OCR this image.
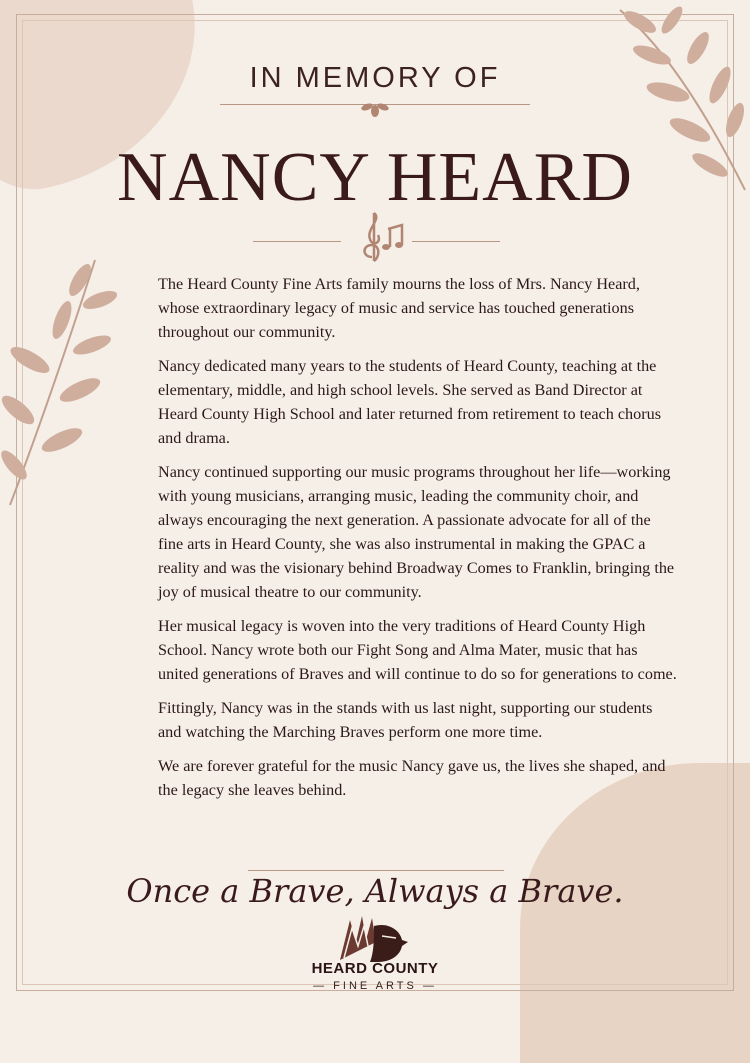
IN MEMORY OF
NANCY HEARD

The Heard County Fine Arts family mourns the loss of Mrs. Nancy Heard, whose extraordinary legacy of music and service has touched generations throughout our community.

Nancy dedicated many years to the students of Heard County, teaching at the elementary, middle, and high school levels. She served as Band Director at Heard County High School and later returned from retirement to teach chorus and drama.

Nancy continued supporting our music programs throughout her life—working with young musicians, arranging music, leading the community choir, and always encouraging the next generation. A passionate advocate for all of the fine arts in Heard County, she was also instrumental in making the GPAC a reality and was the visionary behind Broadway Comes to Franklin, bringing the joy of musical theatre to our community.

Her musical legacy is woven into the very traditions of Heard County High School. Nancy wrote both our Fight Song and Alma Mater, music that has united generations of Braves and will continue to do so for generations to come.

Fittingly, Nancy was in the stands with us last night, supporting our students and watching the Marching Braves perform one more time.

We are forever grateful for the music Nancy gave us, the lives she shaped, and the legacy she leaves behind.

Once a Brave, Always a Brave.
HEARD COUNTY
— FINE ARTS —
